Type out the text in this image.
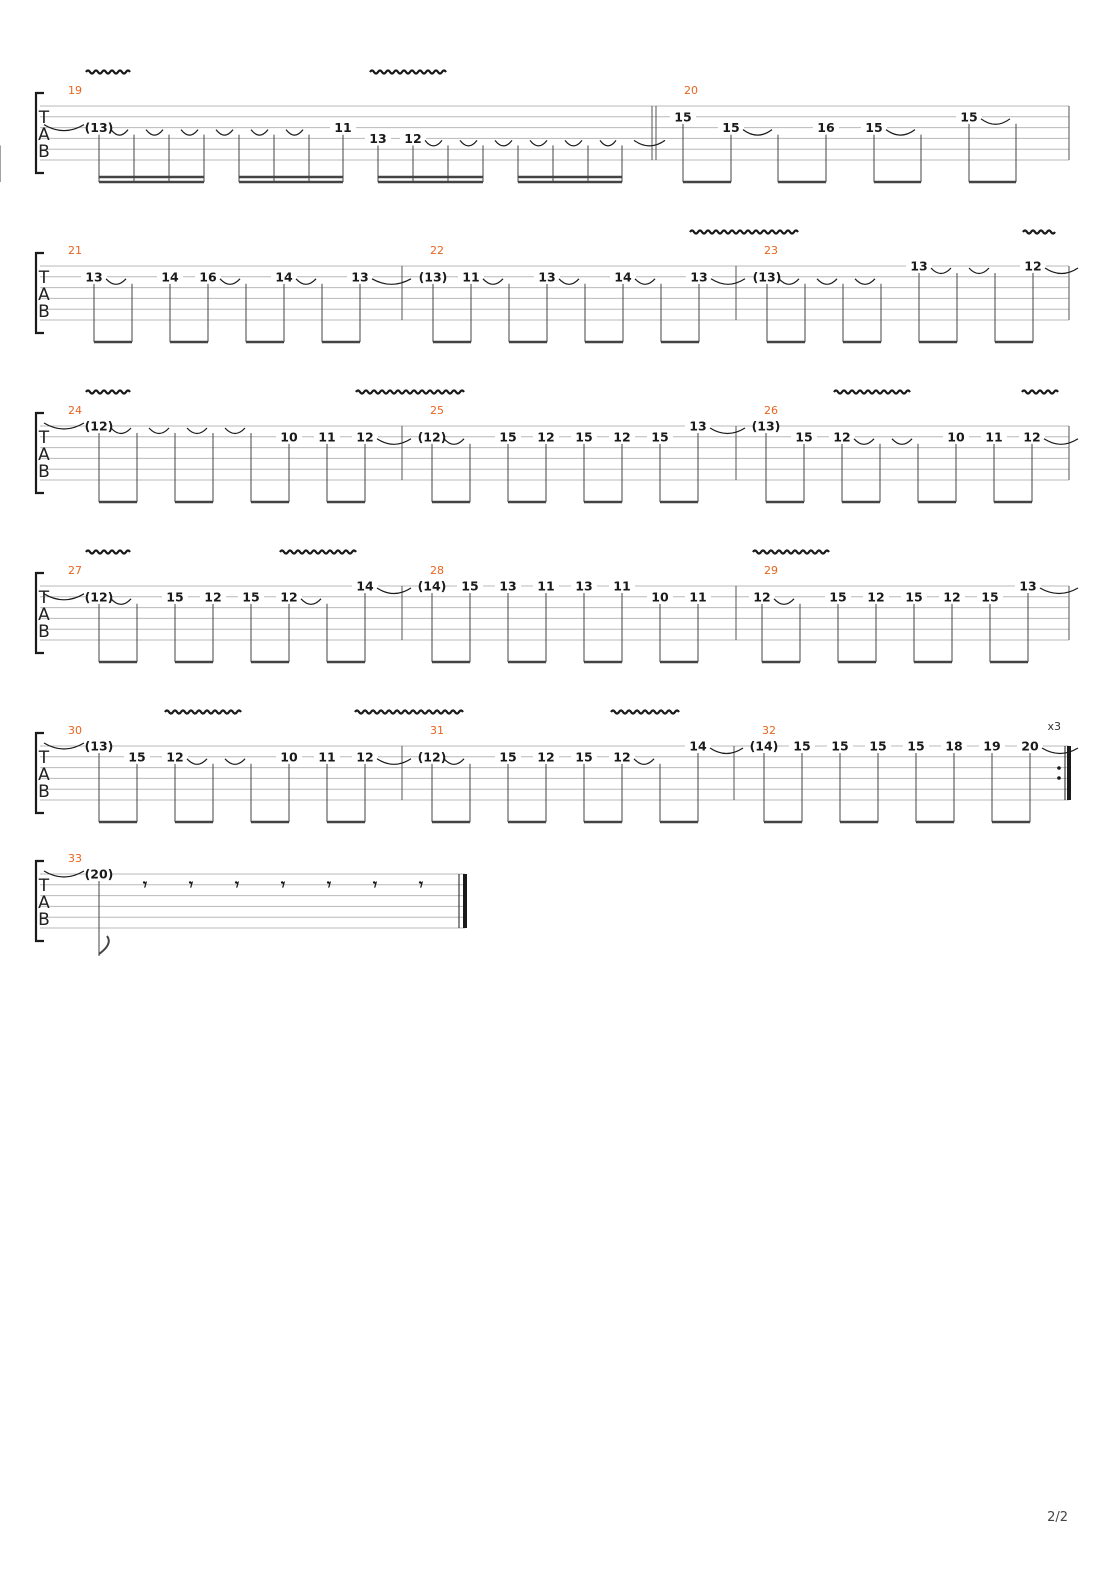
T
A
B
19
(13)	11
13 12
20
15
15	16 15
15
T
A
B
21
13	14 16	14	13
22
(13) 11	13	14	13
23
(13)
13	12
T
A
B
24
(12)
10 11 12
25
(12)	15 12 15 12 15
13
26
(13)
15 12	10 11 12
T
A
B
27
(12)	15 12 15 12
14
28
(14) 15 13 11 13 11
10 11
29
12	15 12 15 12 15
13
T
A
B
x3
30
(13)
15 12	10 11 12
31
(12)	15 12 15 12
14
32
(14) 15 15 15 15 18 19 20
T
A
B
33
(20)
𝄾	𝄾	𝄾	𝄾	𝄾	𝄾	𝄾
2/2
